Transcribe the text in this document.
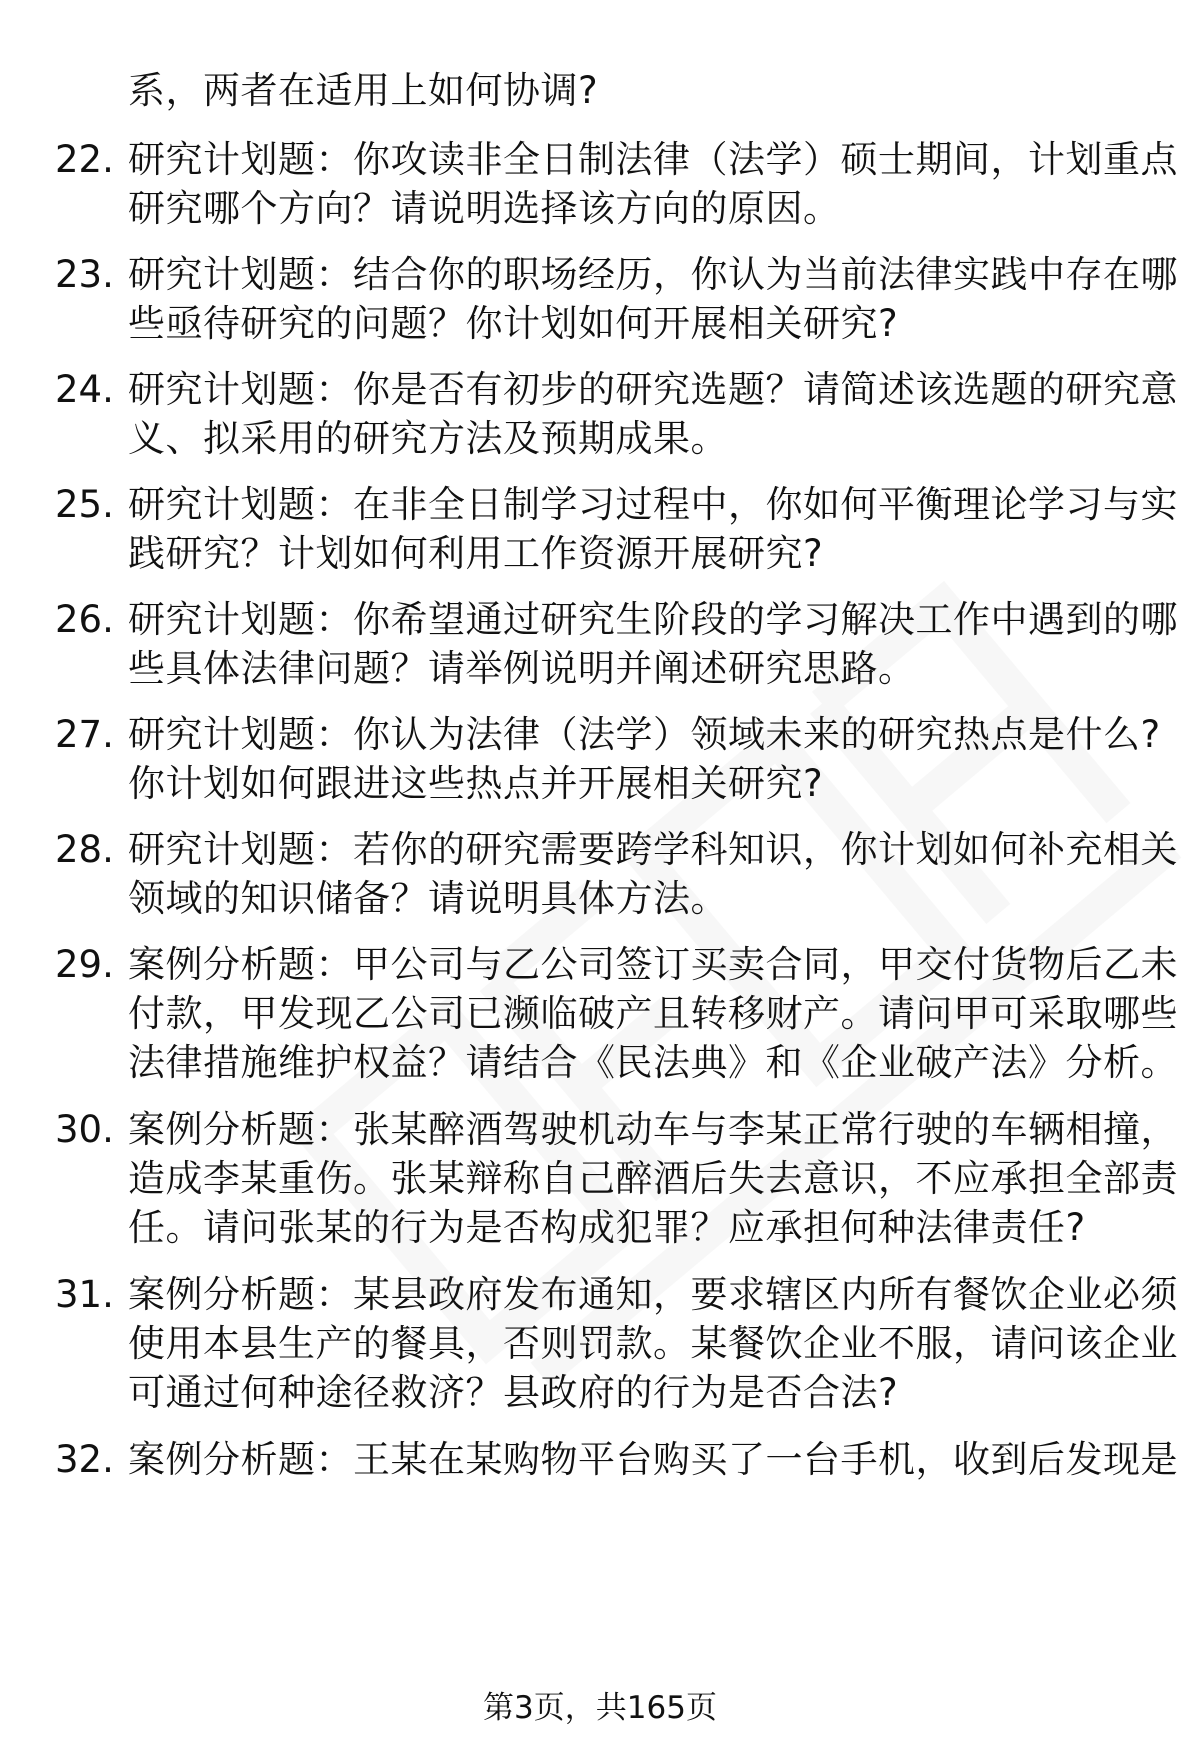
系，两者在适用上如何协调?
22. 研究计划题：你攻读非全日制法律（法学）硕士期间，计划重点
研究哪个方向？请说明选择该方向的原因。
23. 研究计划题：结合你的职场经历，你认为当前法律实践中存在哪
些亟待研究的问题？你计划如何开展相关研究?
24. 研究计划题：你是否有初步的研究选题？请简述该选题的研究意
义、拟采用的研究方法及预期成果。
25. 研究计划题：在非全日制学习过程中，你如何平衡理论学习与实
践研究？计划如何利用工作资源开展研究?
26. 研究计划题：你希望通过研究生阶段的学习解决工作中遇到的哪
些具体法律问题？请举例说明并阐述研究思路。
27. 研究计划题：你认为法律（法学）领域未来的研究热点是什么?
你计划如何跟进这些热点并开展相关研究?
28. 研究计划题：若你的研究需要跨学科知识，你计划如何补充相关
领域的知识储备？请说明具体方法。
29. 案例分析题：甲公司与乙公司签订买卖合同，甲交付货物后乙未
付款，甲发现乙公司已濒临破产且转移财产。请问甲可采取哪些
法律措施维护权益？请结合《民法典》和《企业破产法》分析。
30. 案例分析题：张某醉酒驾驶机动车与李某正常行驶的车辆相撞，
造成李某重伤。张某辩称自己醉酒后失去意识，不应承担全部责
任。请问张某的行为是否构成犯罪？应承担何种法律责任?
31. 案例分析题：某县政府发布通知，要求辖区内所有餐饮企业必须
使用本县生产的餐具，否则罚款。某餐饮企业不服，请问该企业
可通过何种途径救济？县政府的行为是否合法?
32. 案例分析题：王某在某购物平台购买了一台手机，收到后发现是
第3页，共165页
